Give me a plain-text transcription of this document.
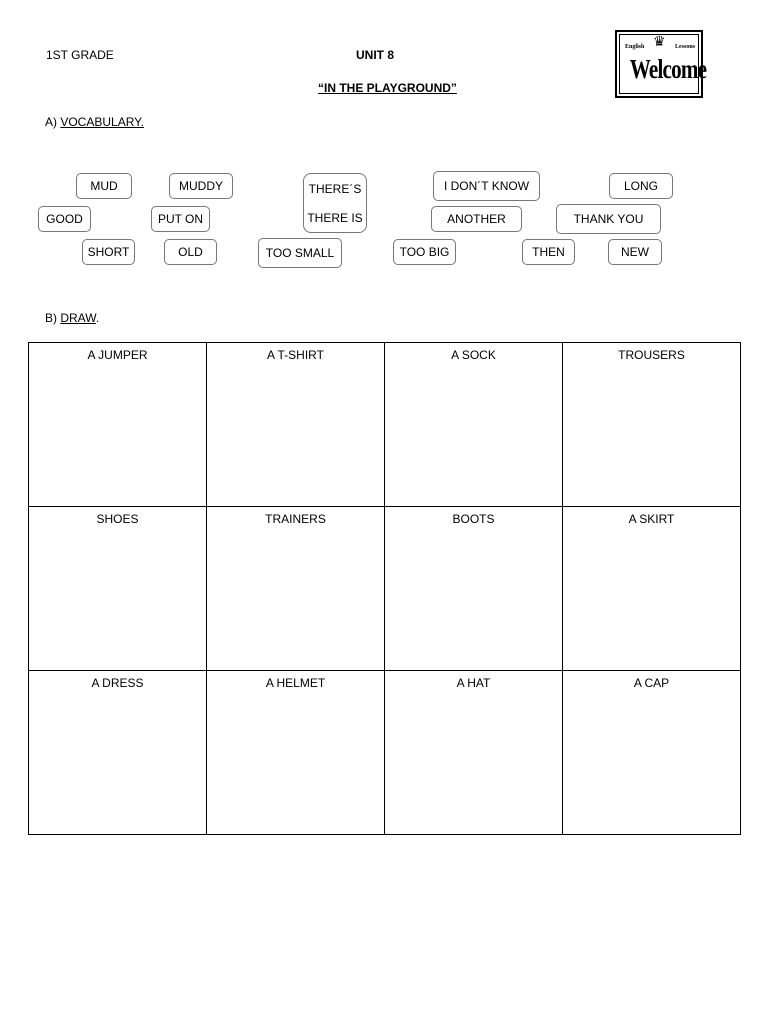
1ST GRADE	UNIT 8
“IN THE PLAYGROUND”
♛
English	Lessons
Welcome
A) VOCABULARY.
MUD	MUDDY	THERE´S
THERE IS
I DON´T KNOW	LONG
GOOD	PUT ON	ANOTHER	THANK YOU
SHORT	OLD	TOO SMALL	TOO BIG	THEN	NEW
B) DRAW.
A JUMPER	A T-SHIRT	A SOCK	TROUSERS
SHOES	TRAINERS	BOOTS	A SKIRT
A DRESS	A HELMET	A HAT	A CAP
